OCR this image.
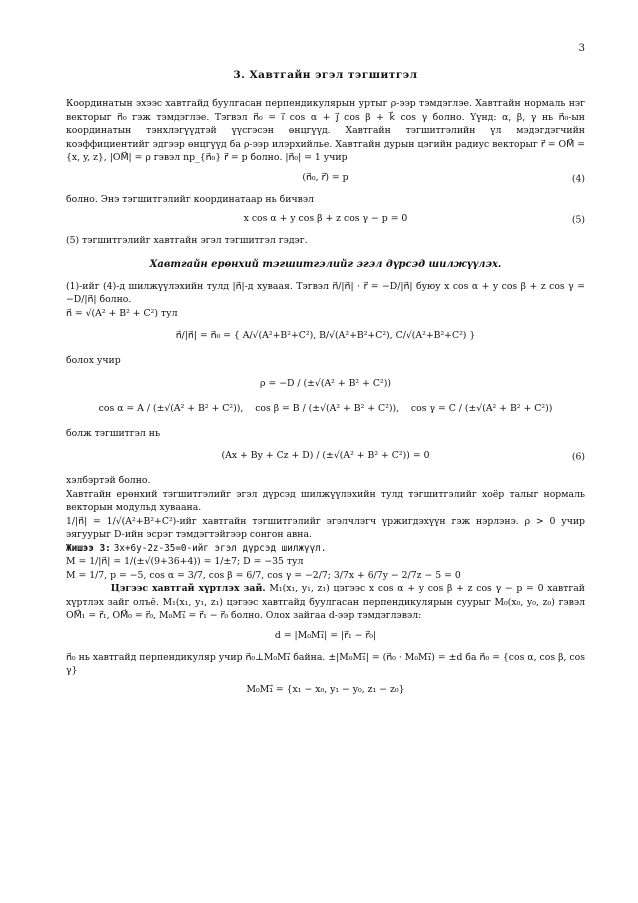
3
3. Хавтгайн эгэл тэгшитгэл

Координатын эхээс хавтгайд буулгасан перпендикулярын уртыг ρ-ээр тэмдэглэе. Хавтгайн нормаль нэг векторыг n⃗₀ гэж тэмдэглэе. Тэгвэл n⃗₀ = i⃗ cos α + j⃗ cos β + k⃗ cos γ болно. Үүнд: α, β, γ нь n⃗₀-ын координатын тэнхлэгүүдтэй үүсгэсэн өнцгүүд. Хавтгайн тэгшитгэлийн үл мэдэгдэгчийн коэффициентийг эдгээр өнцгүүд ба ρ-ээр илэрхийлье. Хавтгайн дурын цэгийн радиус векторыг r⃗ = OM⃗ = {x, y, z}, |OM⃗| = ρ гэвэл np_{n⃗₀} r⃗ = p болно. |n⃗₀| = 1 учир

(n⃗₀, r⃗) = p	(4)

болно. Энэ тэгшитгэлийг координатаар нь бичвэл

x cos α + y cos β + z cos γ − p = 0	(5)

(5) тэгшитгэлийг хавтгайн эгэл тэгшитгэл гэдэг.

Хавтгайн ерөнхий тэгшитгэлийг эгэл дүрсэд шилжүүлэх.

(1)-ийг (4)-д шилжүүлэхийн тулд |n⃗|-д хуваая. Тэгвэл n⃗/|n⃗| · r⃗ = −D/|n⃗| буюу x cos α + y cos β + z cos γ = −D/|n⃗| болно.

n⃗ = √(A² + B² + C²) тул

n⃗/|n⃗| = n⃗₀ = { A/√(A²+B²+C²), B/√(A²+B²+C²), C/√(A²+B²+C²) }

болох учир

ρ = −D / (±√(A² + B² + C²))
cos α = A / (±√(A² + B² + C²)), cos β = B / (±√(A² + B² + C²)), cos γ = C / (±√(A² + B² + C²))

болж тэгшитгэл нь

(Ax + By + Cz + D) / (±√(A² + B² + C²)) = 0	(6)

хэлбэртэй болно.

Хавтгайн ерөнхий тэгшитгэлийг эгэл дүрсэд шилжүүлэхийн тулд тэгшитгэлийг хоёр талыг нормаль векторын модульд хуваана.

1/|n⃗| = 1/√(A²+B²+C²)-ийг хавтгайн тэгшитгэлийг эгэлчлэгч үржигдэхүүн гэж нэрлэнэ. ρ > 0 учир эягуурыг D-ийн эсрэг тэмдэгтэйгээр сонгон авна.

Жишээ 3: 3x+6y-2z-35=0-ийг эгэл дүрсэд шилжүүл.

M = 1/|n⃗| = 1/(±√(9+36+4)) = 1/±7; D = −35 тул

M = 1/7, p = −5, cos α = 3/7, cos β = 6/7, cos γ = −2/7; 3/7x + 6/7y − 2/7z − 5 = 0

Цэгээс хавтгай хүртлэх зай. M₁(x₁, y₁, z₁) цэгээс x cos α + y cos β + z cos γ − p = 0 хавтгай хүртлэх зайг олъё. M₁(x₁, y₁, z₁) цэгээс хавтгайд буулгасан перпендикулярын суурыг M₀(x₀, y₀, z₀) гэвэл OM⃗₁ = r⃗₁, OM⃗₀ = r⃗₀, M₀M₁⃗ = r⃗₁ − r⃗₀ болно. Олох зайгаа d-ээр тэмдэглэвэл:

d = |M₀M₁⃗| = |r⃗₁ − r⃗₀|

n⃗₀ нь хавтгайд перпендикуляр учир n⃗₀⊥M₀M₁⃗ байна. ±|M₀M₁⃗| = (n⃗₀ · M₀M₁⃗) = ±d ба n⃗₀ = {cos α, cos β, cos γ}

M₀M₁⃗ = {x₁ − x₀, y₁ − y₀, z₁ − z₀}
